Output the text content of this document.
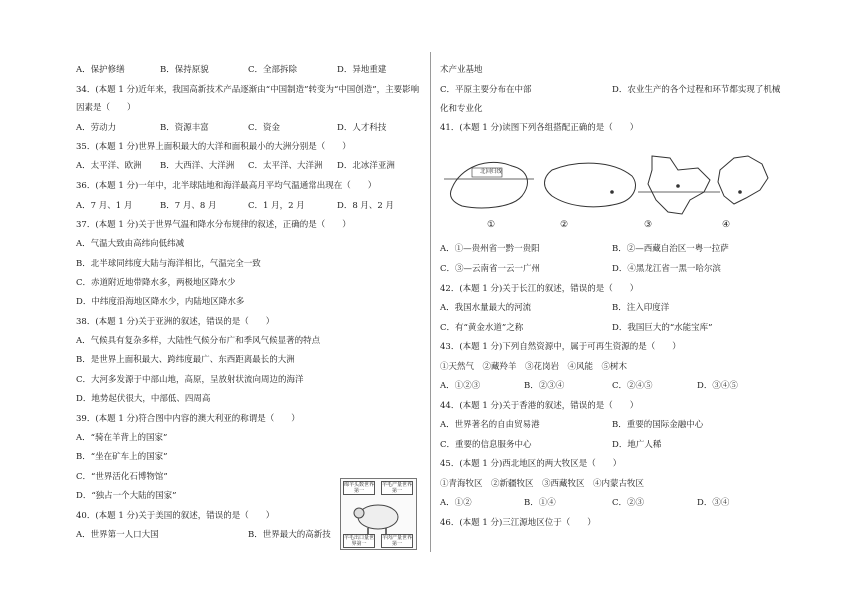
A．保护修缮	B．保持原貌	C．全部拆除	D．异地重建
34．(本题 1 分)近年来，我国高新技术产品逐渐由“中国制造”转变为“中国创造”，主要影响
因素是（　　）
A．劳动力	B．资源丰富	C．资金	D．人才科技
35．(本题 1 分)世界上面积最大的大洋和面积最小的大洲分别是（　　）
A．太平洋、欧洲 B．大西洋、大洋洲 C．太平洋、大洋洲 D．北冰洋亚洲
36．(本题 1 分)一年中，北半球陆地和海洋最高月平均气温通常出现在（　　）
A．7 月、1 月	B．7 月、8 月	C．1 月，2 月	D．8 月、2 月
37．(本题 1 分)关于世界气温和降水分布规律的叙述，正确的是（　　）
A．气温大致由高纬向低纬减
B．北半球同纬度大陆与海洋相比，气温完全一致
C．赤道附近地带降水多，两极地区降水少
D．中纬度沿海地区降水少，内陆地区降水多
38．(本题 1 分)关于亚洲的叙述，错误的是（　　）
A．气候具有复杂多样，大陆性气候分布广和季风气候显著的特点
B．是世界上面积最大、跨纬度最广、东西距离最长的大洲
C．大河多发源于中部山地，高原，呈放射状流向周边的海洋
D．地势起伏很大，中部低、四周高
39．(本题 1 分)符合图中内容的澳大利亚的称谓是（　　）
A．“骑在羊背上的国家”
B．“坐在矿车上的国家”
C．“世界活化石博物馆”
D．“独占一个大陆的国家”
40．(本题 1 分)关于美国的叙述，错误的是（　　）
A．世界第一人口大国	B．世界最大的高新技
绵羊头数世界第一
羊毛产量世界第一
羊毛出口量世界第一
羊肉产量世界第一
术产业基地
C．平原主要分布在中部	D．农业生产的各个过程和环节都实现了机械
化和专业化
41．(本题 1 分)读图下列各组搭配正确的是（　　）
北回归线
①	②	③	④
A．①—贵州省一黔一贵阳	B．②—西藏自治区一粤一拉萨
C．③—云南省一云一广州	D．④黑龙江省一黑一哈尔滨
42．(本题 1 分)关于长江的叙述，错误的是（　　）
A．我国水量最大的河流	B．注入印度洋
C．有“黄金水道”之称	D．我国巨大的“水能宝库”
43．(本题 1 分)下列自然资源中，属于可再生资源的是（　　）
①天然气　②藏羚羊　③花岗岩　④风能　⑤树木
A．①②③	B．②③④	C．②④⑤	D．③④⑤
44．(本题 1 分)关于香港的叙述，错误的是（　　）
A．世界著名的自由贸易港	B．重要的国际金融中心
C．重要的信息服务中心	D．地广人稀
45．(本题 1 分)西北地区的两大牧区是（　　）
①青海牧区　②新疆牧区　③西藏牧区　④内蒙古牧区
A．①②	B．①④	C．②③	D．③④
46．(本题 1 分)三江源地区位于（　　）
